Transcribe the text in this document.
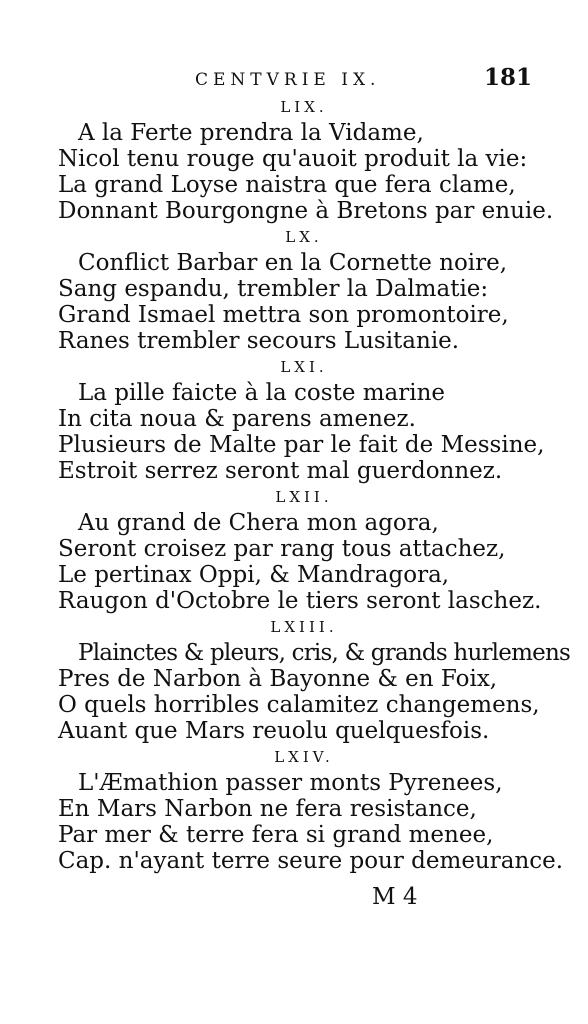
CENTVRIE IX.	181
LIX.
A la Ferte prendra la Vidame,
Nicol tenu rouge qu'auoit produit la vie:
La grand Loyse naistra que fera clame,
Donnant Bourgongne à Bretons par enuie.
LX.
Conflict Barbar en la Cornette noire,
Sang espandu, trembler la Dalmatie:
Grand Ismael mettra son promontoire,
Ranes trembler secours Lusitanie.
LXI.
La pille faicte à la coste marine
In cita noua & parens amenez.
Plusieurs de Malte par le fait de Messine,
Estroit serrez seront mal guerdonnez.
LXII.
Au grand de Chera mon agora,
Seront croisez par rang tous attachez,
Le pertinax Oppi, & Mandragora,
Raugon d'Octobre le tiers seront laschez.
LXIII.
Plainctes & pleurs, cris, & grands hurlemens
Pres de Narbon à Bayonne & en Foix,
O quels horribles calamitez changemens,
Auant que Mars reuolu quelquesfois.
LXIV.
L'Æmathion passer monts Pyrenees,
En Mars Narbon ne fera resistance,
Par mer & terre fera si grand menee,
Cap. n'ayant terre seure pour demeurance.
M 4
